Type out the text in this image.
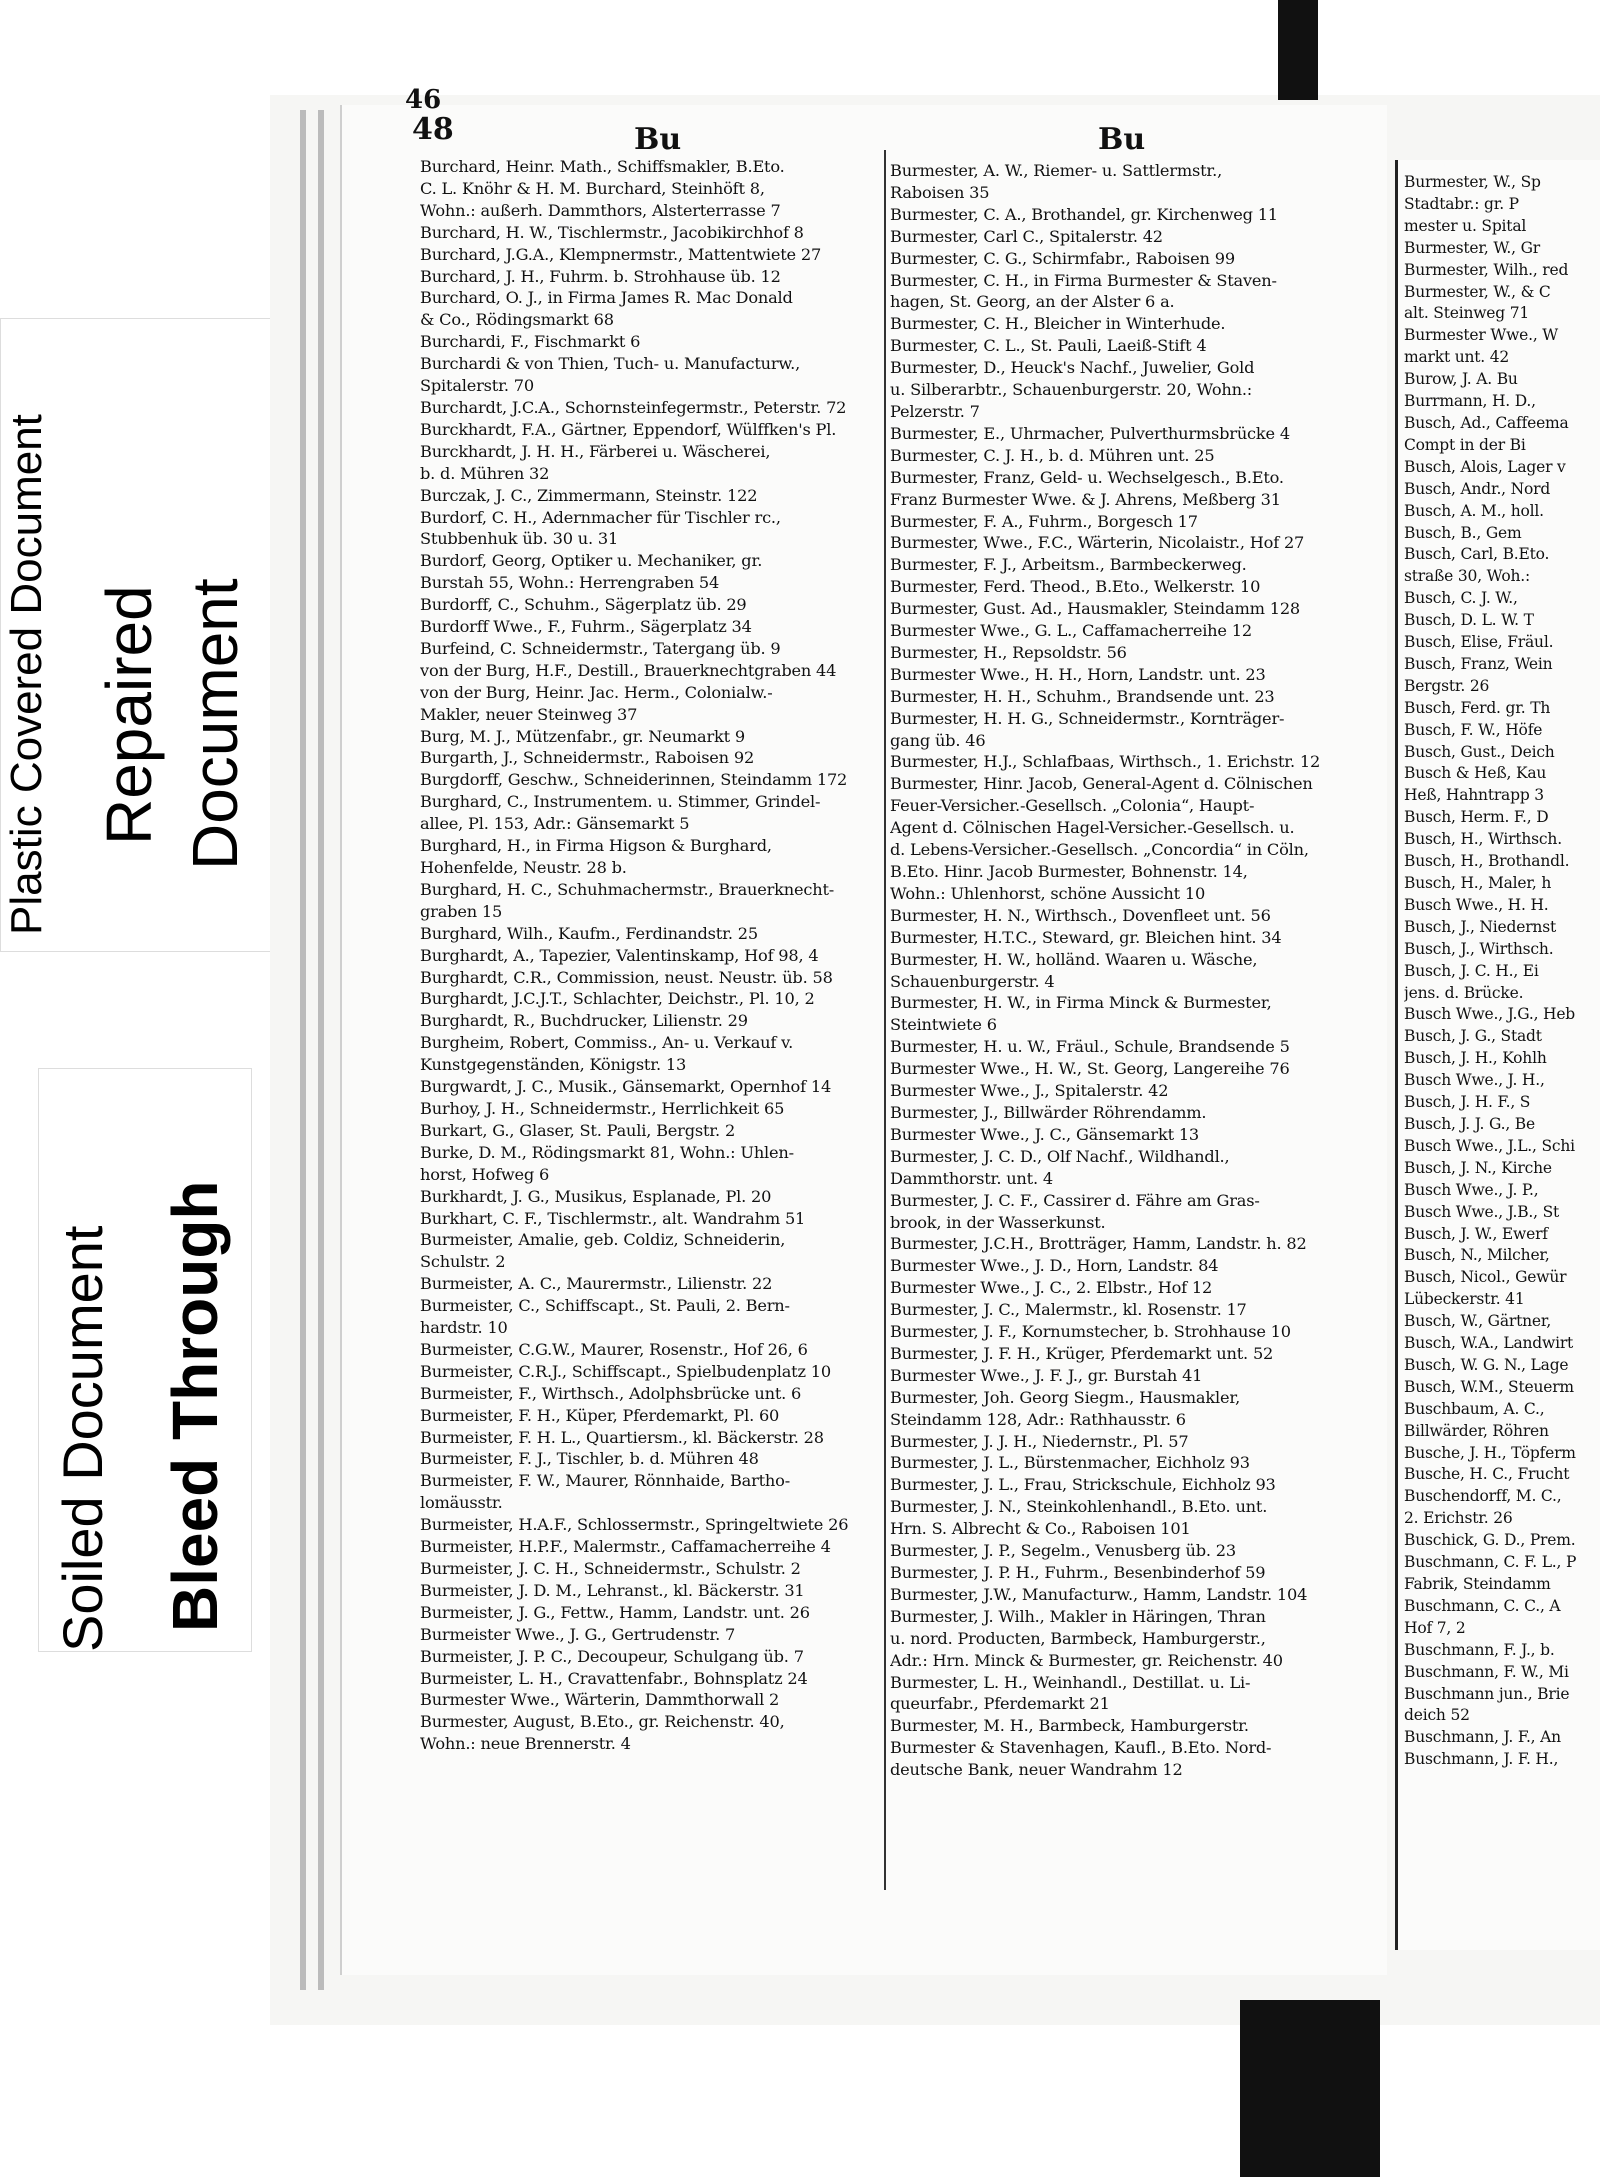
Plastic Covered Document Repaired Document
Soiled Document Bleed Through
46
48	Bu	Bu
Burchard, Heinr. Math., Schiffsmakler, B.Eto.
C. L. Knöhr & H. M. Burchard, Steinhöft 8,
Wohn.: außerh. Dammthors, Alsterterrasse 7
Burchard, H. W., Tischlermstr., Jacobikirchhof 8
Burchard, J.G.A., Klempnermstr., Mattentwiete 27
Burchard, J. H., Fuhrm. b. Strohhause üb. 12
Burchard, O. J., in Firma James R. Mac Donald
& Co., Rödingsmarkt 68
Burchardi, F., Fischmarkt 6
Burchardi & von Thien, Tuch- u. Manufacturw.,
Spitalerstr. 70
Burchardt, J.C.A., Schornsteinfegermstr., Peterstr. 72
Burckhardt, F.A., Gärtner, Eppendorf, Wülffken's Pl.
Burckhardt, J. H. H., Färberei u. Wäscherei,
b. d. Mühren 32
Burczak, J. C., Zimmermann, Steinstr. 122
Burdorf, C. H., Adernmacher für Tischler rc.,
Stubbenhuk üb. 30 u. 31
Burdorf, Georg, Optiker u. Mechaniker, gr.
Burstah 55, Wohn.: Herrengraben 54
Burdorff, C., Schuhm., Sägerplatz üb. 29
Burdorff Wwe., F., Fuhrm., Sägerplatz 34
Burfeind, C. Schneidermstr., Tatergang üb. 9
von der Burg, H.F., Destill., Brauerknechtgraben 44
von der Burg, Heinr. Jac. Herm., Colonialw.-
Makler, neuer Steinweg 37
Burg, M. J., Mützenfabr., gr. Neumarkt 9
Burgarth, J., Schneidermstr., Raboisen 92
Burgdorff, Geschw., Schneiderinnen, Steindamm 172
Burghard, C., Instrumentem. u. Stimmer, Grindel-
allee, Pl. 153, Adr.: Gänsemarkt 5
Burghard, H., in Firma Higson & Burghard,
Hohenfelde, Neustr. 28 b.
Burghard, H. C., Schuhmachermstr., Brauerknecht-
graben 15
Burghard, Wilh., Kaufm., Ferdinandstr. 25
Burghardt, A., Tapezier, Valentinskamp, Hof 98, 4
Burghardt, C.R., Commission, neust. Neustr. üb. 58
Burghardt, J.C.J.T., Schlachter, Deichstr., Pl. 10, 2
Burghardt, R., Buchdrucker, Lilienstr. 29
Burgheim, Robert, Commiss., An- u. Verkauf v.
Kunstgegenständen, Königstr. 13
Burgwardt, J. C., Musik., Gänsemarkt, Opernhof 14
Burhoy, J. H., Schneidermstr., Herrlichkeit 65
Burkart, G., Glaser, St. Pauli, Bergstr. 2
Burke, D. M., Rödingsmarkt 81, Wohn.: Uhlen-
horst, Hofweg 6
Burkhardt, J. G., Musikus, Esplanade, Pl. 20
Burkhart, C. F., Tischlermstr., alt. Wandrahm 51
Burmeister, Amalie, geb. Coldiz, Schneiderin,
Schulstr. 2
Burmeister, A. C., Maurermstr., Lilienstr. 22
Burmeister, C., Schiffscapt., St. Pauli, 2. Bern-
hardstr. 10
Burmeister, C.G.W., Maurer, Rosenstr., Hof 26, 6
Burmeister, C.R.J., Schiffscapt., Spielbudenplatz 10
Burmeister, F., Wirthsch., Adolphsbrücke unt. 6
Burmeister, F. H., Küper, Pferdemarkt, Pl. 60
Burmeister, F. H. L., Quartiersm., kl. Bäckerstr. 28
Burmeister, F. J., Tischler, b. d. Mühren 48
Burmeister, F. W., Maurer, Rönnhaide, Bartho-
lomäusstr.
Burmeister, H.A.F., Schlossermstr., Springeltwiete 26
Burmeister, H.P.F., Malermstr., Caffamacherreihe 4
Burmeister, J. C. H., Schneidermstr., Schulstr. 2
Burmeister, J. D. M., Lehranst., kl. Bäckerstr. 31
Burmeister, J. G., Fettw., Hamm, Landstr. unt. 26
Burmeister Wwe., J. G., Gertrudenstr. 7
Burmeister, J. P. C., Decoupeur, Schulgang üb. 7
Burmeister, L. H., Cravattenfabr., Bohnsplatz 24
Burmester Wwe., Wärterin, Dammthorwall 2
Burmester, August, B.Eto., gr. Reichenstr. 40,
Wohn.: neue Brennerstr. 4
Burmester, A. W., Riemer- u. Sattlermstr.,
Raboisen 35
Burmester, C. A., Brothandel, gr. Kirchenweg 11
Burmester, Carl C., Spitalerstr. 42
Burmester, C. G., Schirmfabr., Raboisen 99
Burmester, C. H., in Firma Burmester & Staven-
hagen, St. Georg, an der Alster 6 a.
Burmester, C. H., Bleicher in Winterhude.
Burmester, C. L., St. Pauli, Laeiß-Stift 4
Burmester, D., Heuck's Nachf., Juwelier, Gold
u. Silberarbtr., Schauenburgerstr. 20, Wohn.:
Pelzerstr. 7
Burmester, E., Uhrmacher, Pulverthurmsbrücke 4
Burmester, C. J. H., b. d. Mühren unt. 25
Burmester, Franz, Geld- u. Wechselgesch., B.Eto.
Franz Burmester Wwe. & J. Ahrens, Meßberg 31
Burmester, F. A., Fuhrm., Borgesch 17
Burmester, Wwe., F.C., Wärterin, Nicolaistr., Hof 27
Burmester, F. J., Arbeitsm., Barmbeckerweg.
Burmester, Ferd. Theod., B.Eto., Welkerstr. 10
Burmester, Gust. Ad., Hausmakler, Steindamm 128
Burmester Wwe., G. L., Caffamacherreihe 12
Burmester, H., Repsoldstr. 56
Burmester Wwe., H. H., Horn, Landstr. unt. 23
Burmester, H. H., Schuhm., Brandsende unt. 23
Burmester, H. H. G., Schneidermstr., Kornträger-
gang üb. 46
Burmester, H.J., Schlafbaas, Wirthsch., 1. Erichstr. 12
Burmester, Hinr. Jacob, General-Agent d. Cölnischen
Feuer-Versicher.-Gesellsch. „Colonia“, Haupt-
Agent d. Cölnischen Hagel-Versicher.-Gesellsch. u.
d. Lebens-Versicher.-Gesellsch. „Concordia“ in Cöln,
B.Eto. Hinr. Jacob Burmester, Bohnenstr. 14,
Wohn.: Uhlenhorst, schöne Aussicht 10
Burmester, H. N., Wirthsch., Dovenfleet unt. 56
Burmester, H.T.C., Steward, gr. Bleichen hint. 34
Burmester, H. W., holländ. Waaren u. Wäsche,
Schauenburgerstr. 4
Burmester, H. W., in Firma Minck & Burmester,
Steintwiete 6
Burmester, H. u. W., Fräul., Schule, Brandsende 5
Burmester Wwe., H. W., St. Georg, Langereihe 76
Burmester Wwe., J., Spitalerstr. 42
Burmester, J., Billwärder Röhrendamm.
Burmester Wwe., J. C., Gänsemarkt 13
Burmester, J. C. D., Olf Nachf., Wildhandl.,
Dammthorstr. unt. 4
Burmester, J. C. F., Cassirer d. Fähre am Gras-
brook, in der Wasserkunst.
Burmester, J.C.H., Brotträger, Hamm, Landstr. h. 82
Burmester Wwe., J. D., Horn, Landstr. 84
Burmester Wwe., J. C., 2. Elbstr., Hof 12
Burmester, J. C., Malermstr., kl. Rosenstr. 17
Burmester, J. F., Kornumstecher, b. Strohhause 10
Burmester, J. F. H., Krüger, Pferdemarkt unt. 52
Burmester Wwe., J. F. J., gr. Burstah 41
Burmester, Joh. Georg Siegm., Hausmakler,
Steindamm 128, Adr.: Rathhausstr. 6
Burmester, J. J. H., Niedernstr., Pl. 57
Burmester, J. L., Bürstenmacher, Eichholz 93
Burmester, J. L., Frau, Strickschule, Eichholz 93
Burmester, J. N., Steinkohlenhandl., B.Eto. unt.
Hrn. S. Albrecht & Co., Raboisen 101
Burmester, J. P., Segelm., Venusberg üb. 23
Burmester, J. P. H., Fuhrm., Besenbinderhof 59
Burmester, J.W., Manufacturw., Hamm, Landstr. 104
Burmester, J. Wilh., Makler in Häringen, Thran
u. nord. Producten, Barmbeck, Hamburgerstr.,
Adr.: Hrn. Minck & Burmester, gr. Reichenstr. 40
Burmester, L. H., Weinhandl., Destillat. u. Li-
queurfabr., Pferdemarkt 21
Burmester, M. H., Barmbeck, Hamburgerstr.
Burmester & Stavenhagen, Kaufl., B.Eto. Nord-
deutsche Bank, neuer Wandrahm 12
Burmester, W., Sp
Stadtabr.: gr. P
mester u. Spital
Burmester, W., Gr
Burmester, Wilh., red
Burmester, W., & C
alt. Steinweg 71
Burmester Wwe., W
markt unt. 42
Burow, J. A. Bu
Burrmann, H. D.,
Busch, Ad., Caffeema
Compt in der Bi
Busch, Alois, Lager v
Busch, Andr., Nord
Busch, A. M., holl.
Busch, B., Gem
Busch, Carl, B.Eto.
straße 30, Woh.:
Busch, C. J. W.,
Busch, D. L. W. T
Busch, Elise, Fräul.
Busch, Franz, Wein
Bergstr. 26
Busch, Ferd. gr. Th
Busch, F. W., Höfe
Busch, Gust., Deich
Busch & Heß, Kau
Heß, Hahntrapp 3
Busch, Herm. F., D
Busch, H., Wirthsch.
Busch, H., Brothandl.
Busch, H., Maler, h
Busch Wwe., H. H.
Busch, J., Niedernst
Busch, J., Wirthsch.
Busch, J. C. H., Ei
jens. d. Brücke.
Busch Wwe., J.G., Heb
Busch, J. G., Stadt
Busch, J. H., Kohlh
Busch Wwe., J. H.,
Busch, J. H. F., S
Busch, J. J. G., Be
Busch Wwe., J.L., Schi
Busch, J. N., Kirche
Busch Wwe., J. P.,
Busch Wwe., J.B., St
Busch, J. W., Ewerf
Busch, N., Milcher,
Busch, Nicol., Gewür
Lübeckerstr. 41
Busch, W., Gärtner,
Busch, W.A., Landwirt
Busch, W. G. N., Lage
Busch, W.M., Steuerm
Buschbaum, A. C.,
Billwärder, Röhren
Busche, J. H., Töpferm
Busche, H. C., Frucht
Buschendorff, M. C.,
2. Erichstr. 26
Buschick, G. D., Prem.
Buschmann, C. F. L., P
Fabrik, Steindamm
Buschmann, C. C., A
Hof 7, 2
Buschmann, F. J., b.
Buschmann, F. W., Mi
Buschmann jun., Brie
deich 52
Buschmann, J. F., An
Buschmann, J. F. H.,
